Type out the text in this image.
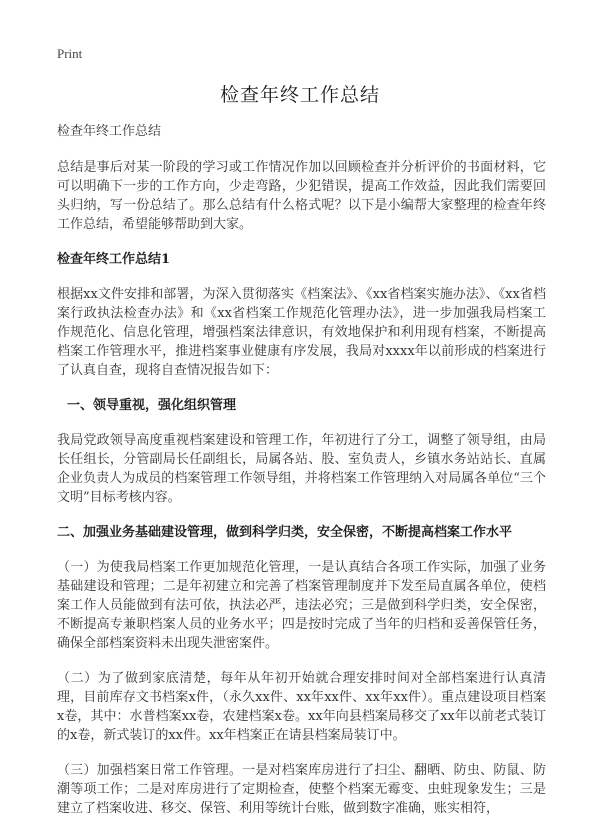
Print
检查年终工作总结

检查年终工作总结

总结是事后对某一阶段的学习或工作情况作加以回顾检查并分析评价的书面材料，它可以明确下一步的工作方向，少走弯路，少犯错误，提高工作效益，因此我们需要回头归纳，写一份总结了。那么总结有什么格式呢？以下是小编帮大家整理的检查年终工作总结，希望能够帮助到大家。

检查年终工作总结1

根据xx文件安排和部署，为深入贯彻落实《档案法》、《xx省档案实施办法》、《xx省档案行政执法检查办法》和《xx省档案工作规范化管理办法》，进一步加强我局档案工作规范化、信息化管理，增强档案法律意识，有效地保护和利用现有档案，不断提高档案工作管理水平，推进档案事业健康有序发展，我局对xxxx年以前形成的档案进行了认真自查，现将自查情况报告如下：

一、领导重视，强化组织管理

我局党政领导高度重视档案建设和管理工作，年初进行了分工，调整了领导组，由局长任组长，分管副局长任副组长，局属各站、股、室负责人，乡镇水务站站长、直属企业负责人为成员的档案管理工作领导组，并将档案工作管理纳入对局属各单位“三个文明”目标考核内容。

二、加强业务基础建设管理，做到科学归类，安全保密，不断提高档案工作水平

（一）为使我局档案工作更加规范化管理，一是认真结合各项工作实际，加强了业务基础建设和管理；二是年初建立和完善了档案管理制度并下发至局直属各单位，使档案工作人员能做到有法可依，执法必严，违法必究；三是做到科学归类，安全保密，不断提高专兼职档案人员的业务水平；四是按时完成了当年的归档和妥善保管任务，确保全部档案资料未出现失泄密案件。

（二）为了做到家底清楚，每年从年初开始就合理安排时间对全部档案进行认真清理，目前库存文书档案x件，（永久xx件、xx年xx件、xx年xx件）。重点建设项目档案x卷，其中：水普档案xx卷，农建档案x卷。xx年向县档案局移交了xx年以前老式装订的x卷，新式装订的xx件。xx年档案正在请县档案局装订中。

（三）加强档案日常工作管理。一是对档案库房进行了扫尘、翻晒、防虫、防鼠、防潮等项工作；二是对库房进行了定期检查，使整个档案无霉变、虫蛀现象发生；三是建立了档案收进、移交、保管、利用等统计台账，做到数字准确，账实相符，
